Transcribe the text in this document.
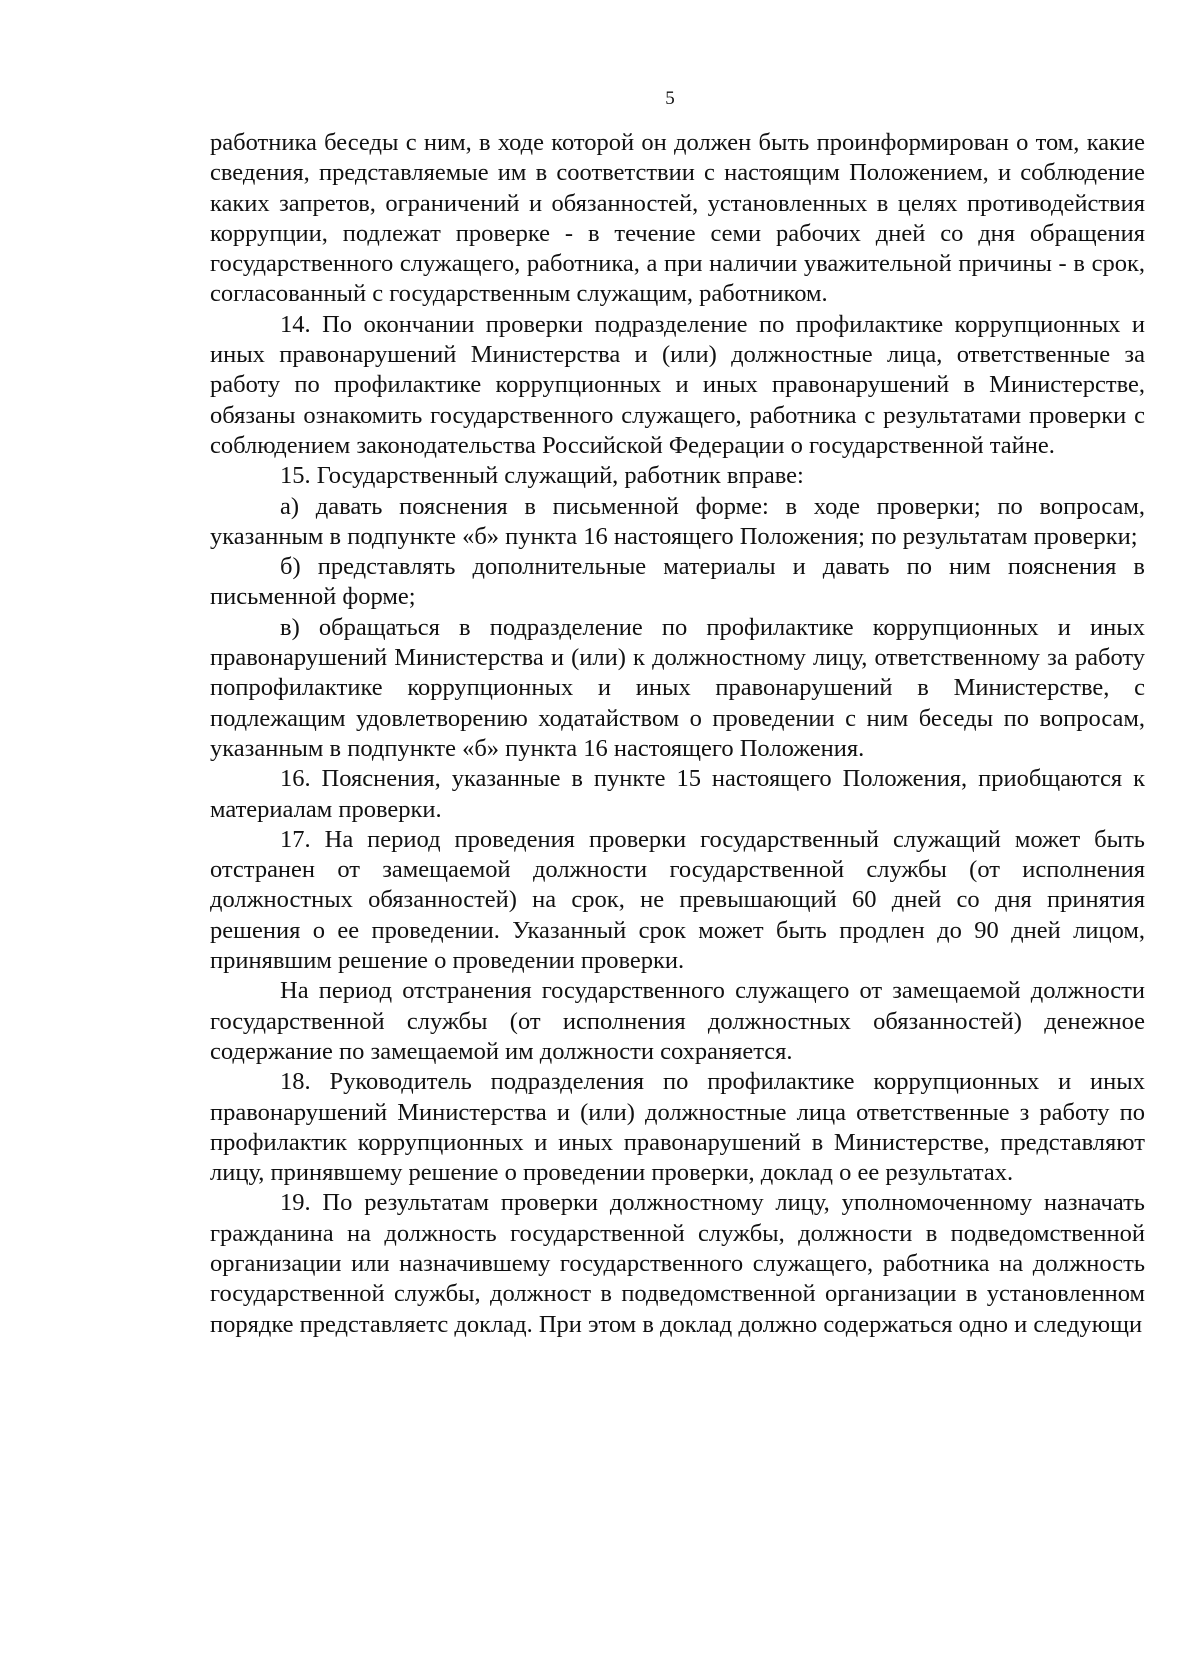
5

работника беседы с ним, в ходе которой он должен быть проинформирован о том, какие сведения, представляемые им в соответствии с настоящим Положением, и соблюдение каких запретов, ограничений и обязанностей, установленных в целях противодействия коррупции, подлежат проверке - в течение семи рабочих дней со дня обращения государственного служащего, работника, а при наличии уважительной причины - в срок, согласованный с государственным служащим, работником.

14. По окончании проверки подразделение по профилактике коррупционных и иных правонарушений Министерства и (или) должностные лица, ответственные за работу по профилактике коррупционных и иных правонарушений в Министерстве, обязаны ознакомить государственного служащего, работника с результатами проверки с соблюдением законодательства Российской Федерации о государственной тайне.

15. Государственный служащий, работник вправе:

а) давать пояснения в письменной форме: в ходе проверки; по вопросам, указанным в подпункте «б» пункта 16 настоящего Положения; по результатам проверки;

б) представлять дополнительные материалы и давать по ним пояснения в письменной форме;

в) обращаться в подразделение по профилактике коррупционных и иных правонарушений Министерства и (или) к должностному лицу, ответственному за работу попрофилактике коррупционных и иных правонарушений в Министерстве, с подлежащим удовлетворению ходатайством о проведении с ним беседы по вопросам, указанным в подпункте «б» пункта 16 настоящего Положения.

16. Пояснения, указанные в пункте 15 настоящего Положения, приобщаются к материалам проверки.

17. На период проведения проверки государственный служащий может быть отстранен от замещаемой должности государственной службы (от исполнения должностных обязанностей) на срок, не превышающий 60 дней со дня принятия решения о ее проведении. Указанный срок может быть продлен до 90 дней лицом, принявшим решение о проведении проверки.

На период отстранения государственного служащего от замещаемой должности государственной службы (от исполнения должностных обязанностей) денежное содержание по замещаемой им должности сохраняется.

18. Руководитель подразделения по профилактике коррупционных и иных правонарушений Министерства и (или) должностные лица ответственные з работу по профилактик коррупционных и иных правонарушений в Министерстве, представляют лицу, принявшему решение о проведении проверки, доклад о ее результатах.

19. По результатам проверки должностному лицу, уполномоченному назначать гражданина на должность государственной службы, должности в подведомственной организации или назначившему государственного служащего, работника на должность государственной службы, должност в подведомственной организации в установленном порядке представляетс доклад. При этом в доклад должно содержаться одно и следующи
